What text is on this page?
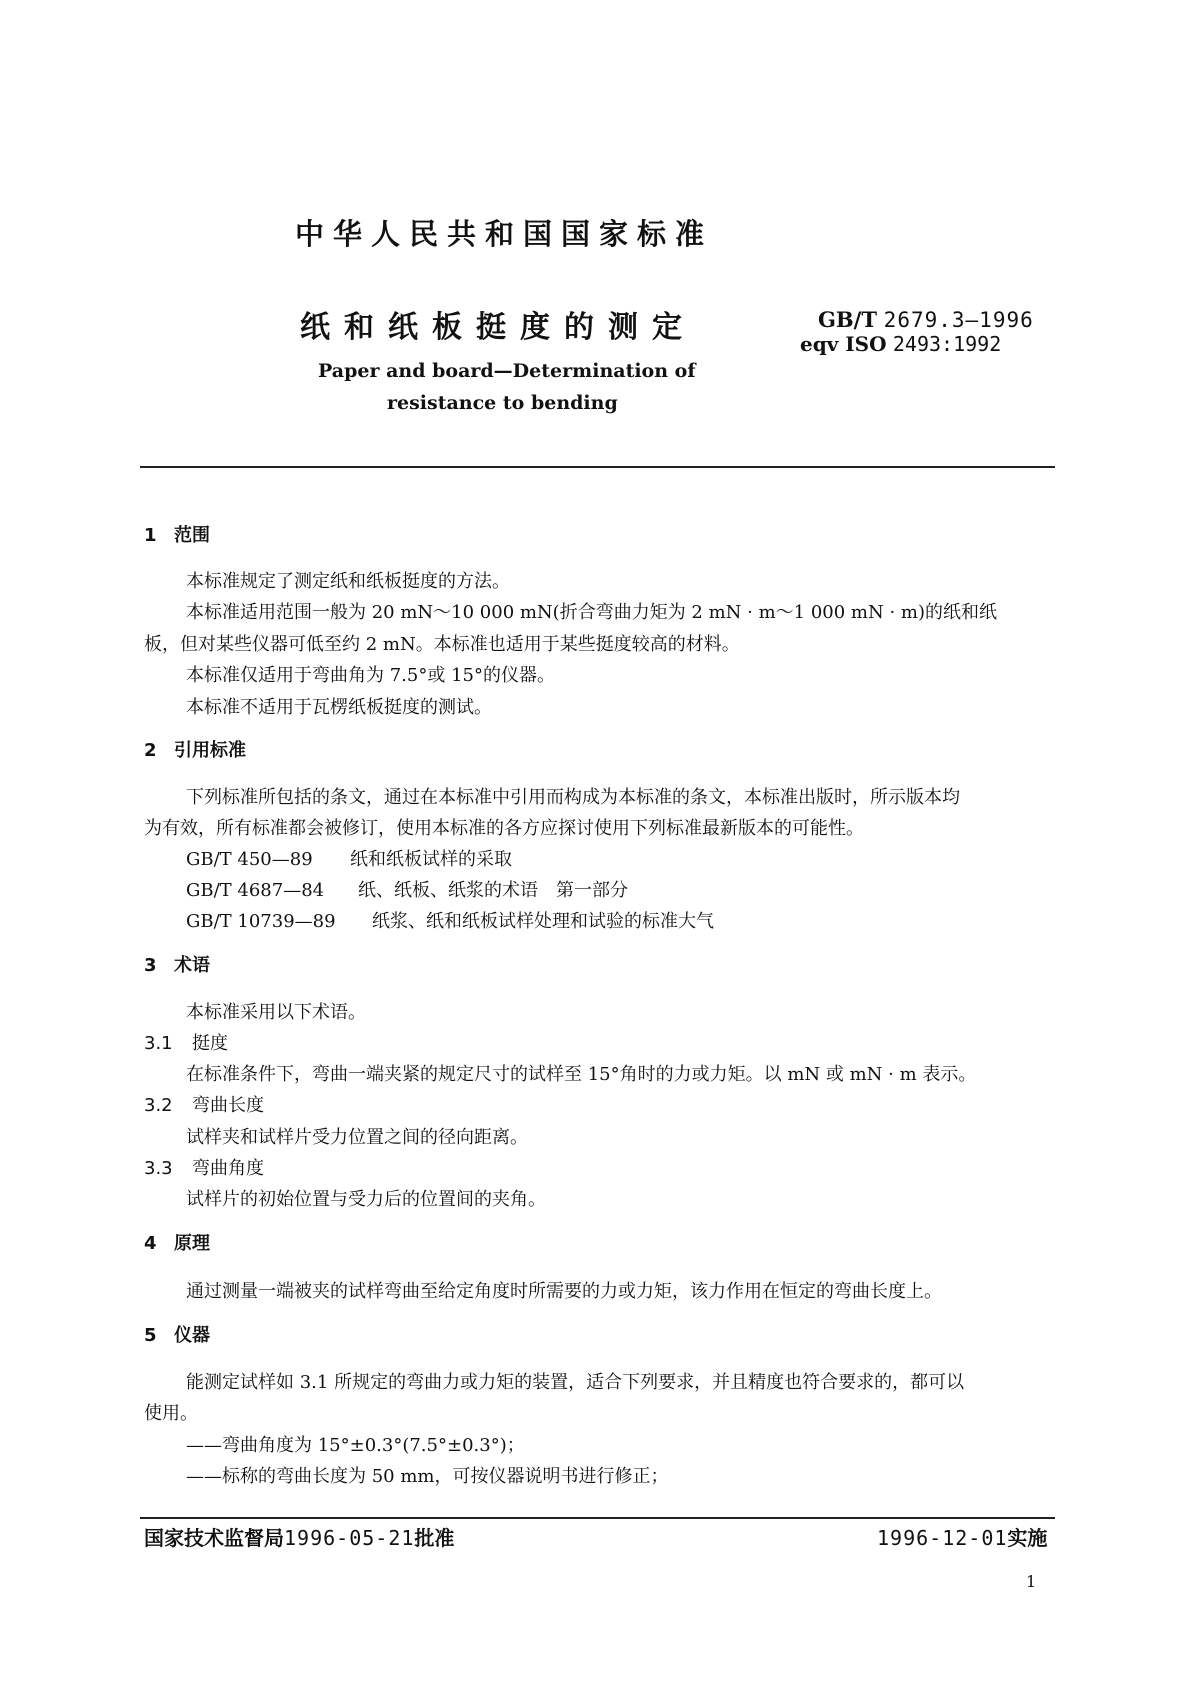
中华人民共和国国家标准
纸和纸板挺度的测定	GB/T 2679.3—1996
eqv ISO 2493:1992
Paper and board—Determination of
resistance to bending
1 范围
本标准规定了测定纸和纸板挺度的方法。
本标准适用范围一般为 20 mN～10 000 mN(折合弯曲力矩为 2 mN · m～1 000 mN · m)的纸和纸
板，但对某些仪器可低至约 2 mN。本标准也适用于某些挺度较高的材料。
本标准仅适用于弯曲角为 7.5°或 15°的仪器。
本标准不适用于瓦楞纸板挺度的测试。
2 引用标准
下列标准所包括的条文，通过在本标准中引用而构成为本标准的条文，本标准出版时，所示版本均
为有效，所有标准都会被修订，使用本标准的各方应探讨使用下列标准最新版本的可能性。
GB/T 450—89 纸和纸板试样的采取
GB/T 4687—84 纸、纸板、纸浆的术语　第一部分
GB/T 10739—89 纸浆、纸和纸板试样处理和试验的标准大气
3 术语
本标准采用以下术语。
3.1 挺度
在标准条件下，弯曲一端夹紧的规定尺寸的试样至 15°角时的力或力矩。以 mN 或 mN · m 表示。
3.2 弯曲长度
试样夹和试样片受力位置之间的径向距离。
3.3 弯曲角度
试样片的初始位置与受力后的位置间的夹角。
4 原理
通过测量一端被夹的试样弯曲至给定角度时所需要的力或力矩，该力作用在恒定的弯曲长度上。
5 仪器
能测定试样如 3.1 所规定的弯曲力或力矩的装置，适合下列要求，并且精度也符合要求的，都可以
使用。
——弯曲角度为 15°±0.3°(7.5°±0.3°)；
——标称的弯曲长度为 50 mm，可按仪器说明书进行修正；
国家技术监督局1996-05-21批准	1996-12-01实施
1
